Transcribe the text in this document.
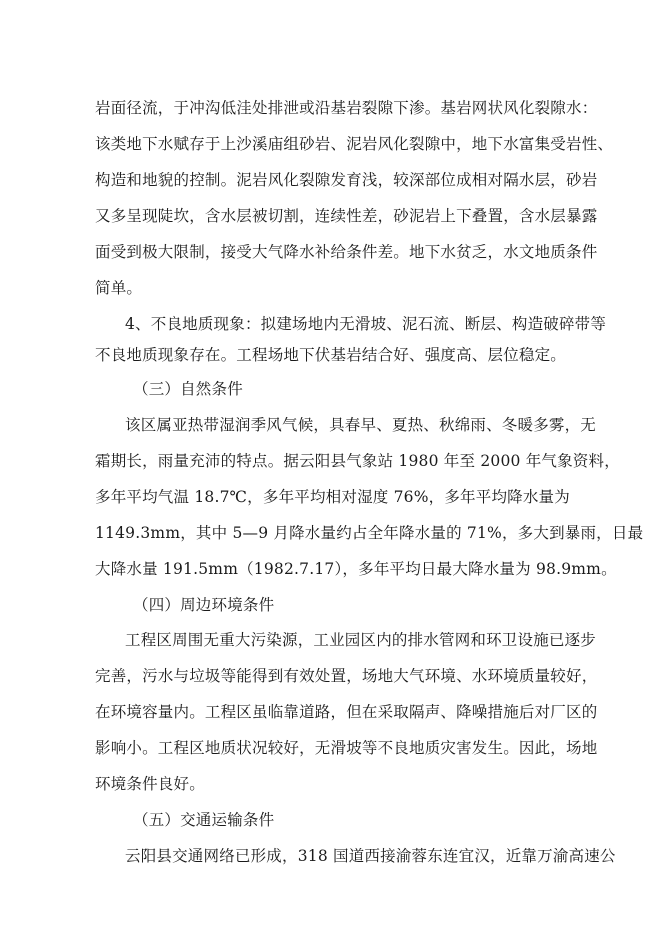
岩面径流，于冲沟低洼处排泄或沿基岩裂隙下渗。基岩网状风化裂隙水：
该类地下水赋存于上沙溪庙组砂岩、泥岩风化裂隙中，地下水富集受岩性、
构造和地貌的控制。泥岩风化裂隙发育浅，较深部位成相对隔水层，砂岩
又多呈现陡坎，含水层被切割，连续性差，砂泥岩上下叠置，含水层暴露
面受到极大限制，接受大气降水补给条件差。地下水贫乏，水文地质条件
简单。
4、不良地质现象：拟建场地内无滑坡、泥石流、断层、构造破碎带等
不良地质现象存在。工程场地下伏基岩结合好、强度高、层位稳定。
（三）自然条件
该区属亚热带湿润季风气候，具春早、夏热、秋绵雨、冬暖多雾，无
霜期长，雨量充沛的特点。据云阳县气象站 1980 年至 2000 年气象资料，
多年平均气温 18.7℃，多年平均相对湿度 76%，多年平均降水量为
1149.3mm，其中 5—9 月降水量约占全年降水量的 71%，多大到暴雨，日最
大降水量 191.5mm（1982.7.17），多年平均日最大降水量为 98.9mm。
（四）周边环境条件
工程区周围无重大污染源，工业园区内的排水管网和环卫设施已逐步
完善，污水与垃圾等能得到有效处置，场地大气环境、水环境质量较好，
在环境容量内。工程区虽临靠道路，但在采取隔声、降噪措施后对厂区的
影响小。工程区地质状况较好，无滑坡等不良地质灾害发生。因此，场地
环境条件良好。
（五）交通运输条件
云阳县交通网络已形成，318 国道西接渝蓉东连宜汉，近靠万渝高速公
